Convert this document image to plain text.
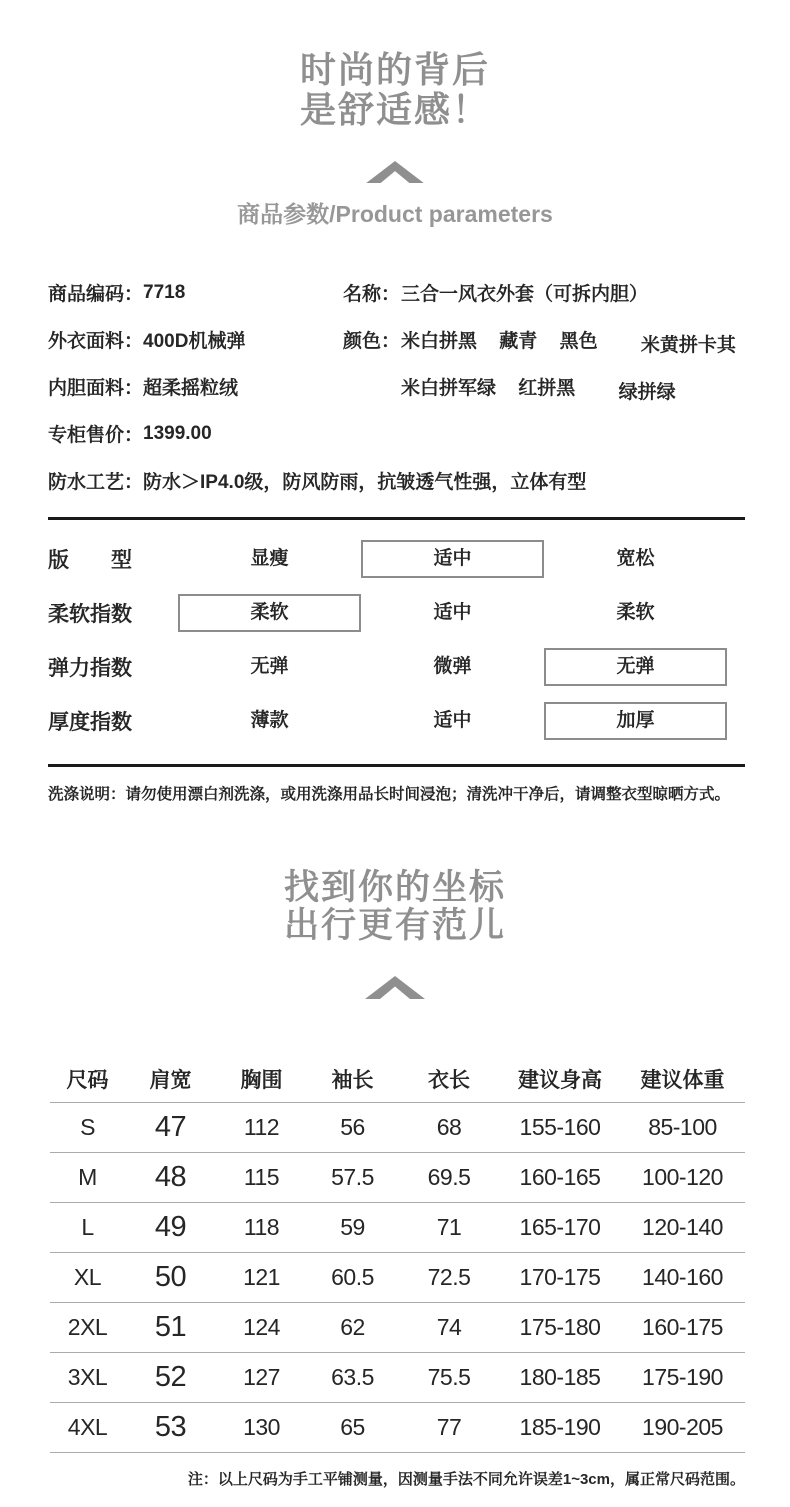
时尚的背后
是舒适感！

商品参数/Product parameters
商品编码： 7718
外衣面料： 400D机械弹
内胆面料： 超柔摇粒绒
专柜售价： 1399.00
名称： 三合一风衣外套（可拆内胆）
颜色： 米白拼黑 藏青 黑色 米黄拼卡其
米白拼军绿 红拼黑 绿拼绿
防水工艺： 防水＞IP4.0级，防风防雨，抗皱透气性强，立体有型
版　　型	显瘦	适中	宽松
柔软指数	柔软	适中	柔软
弹力指数	无弹	微弹	无弹
厚度指数	薄款	适中	加厚
洗涤说明：请勿使用漂白剂洗涤，或用洗涤用品长时间浸泡；清洗冲干净后，请调整衣型晾晒方式。
找到你的坐标
出行更有范儿

尺码	肩宽	胸围	袖长	衣长	建议身高	建议体重
S	47	112	56	68	155-160	85-100
M	48	115	57.5	69.5	160-165	100-120
L	49	118	59	71	165-170	120-140
XL	50	121	60.5	72.5	170-175	140-160
2XL	51	124	62	74	175-180	160-175
3XL	52	127	63.5	75.5	180-185	175-190
4XL	53	130	65	77	185-190	190-205
注：以上尺码为手工平铺测量，因测量手法不同允许误差1~3cm，属正常尺码范围。
